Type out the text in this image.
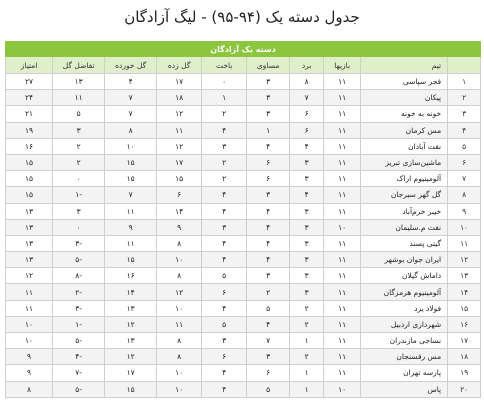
جدول دسته یک (۹۴-۹۵) - لیگ آزادگان
دسته یک آزادگان									
	تیم	بازیها	برد	مساوی	باخت	گل زده	گل خورده	تفاضل گل	امتیاز
۱	فجر سپاسی	۱۱	۸	۳	۰	۱۷	۴	۱۳	۲۷
۲	پیکان	۱۱	۷	۳	۱	۱۸	۷	۱۱	۲۴
۳	خونه به خونه	۱۱	۶	۳	۲	۱۲	۷	۵	۲۱
۴	مس کرمان	۱۱	۶	۱	۴	۱۱	۸	۳	۱۹
۵	نفت آبادان	۱۱	۴	۴	۳	۱۲	۱۰	۲	۱۶
۶	ماشین‌سازی تبریز	۱۱	۳	۶	۲	۱۷	۱۵	۲	۱۵
۷	آلومینیوم اراک	۱۱	۳	۶	۲	۱۵	۱۵	۰	۱۵
۸	گل گهر سیرجان	۱۱	۴	۳	۴	۶	۷	-۱	۱۵
۹	خیبر خرم‌آباد	۱۱	۳	۴	۴	۱۴	۱۱	۳	۱۳
۱۰	نفت م.سلیمان	۱۰	۳	۴	۳	۹	۹	۰	۱۳
۱۱	گیتی پسند	۱۱	۳	۴	۴	۸	۱۱	-۳	۱۳
۱۲	ایران جوان بوشهر	۱۱	۳	۴	۴	۱۰	۱۵	-۵	۱۳
۱۳	داماش گیلان	۱۱	۳	۳	۵	۸	۱۶	-۸	۱۲
۱۴	آلومینیوم هرمزگان	۱۱	۳	۲	۶	۱۲	۱۴	-۲	۱۱
۱۵	فولاد یزد	۱۱	۲	۵	۴	۱۰	۱۳	-۳	۱۱
۱۶	شهرداری اردبیل	۱۱	۲	۴	۵	۱۱	۱۲	-۱	۱۰
۱۷	نساجی مازندران	۱۱	۱	۷	۳	۸	۱۳	-۵	۱۰
۱۸	مس رفسنجان	۱۱	۲	۳	۶	۸	۱۲	-۴	۹
۱۹	پارسه تهران	۱۱	۱	۶	۴	۱۰	۱۷	-۷	۹
۲۰	پاس	۱۰	۱	۵	۴	۱۰	۱۵	-۵	۸
